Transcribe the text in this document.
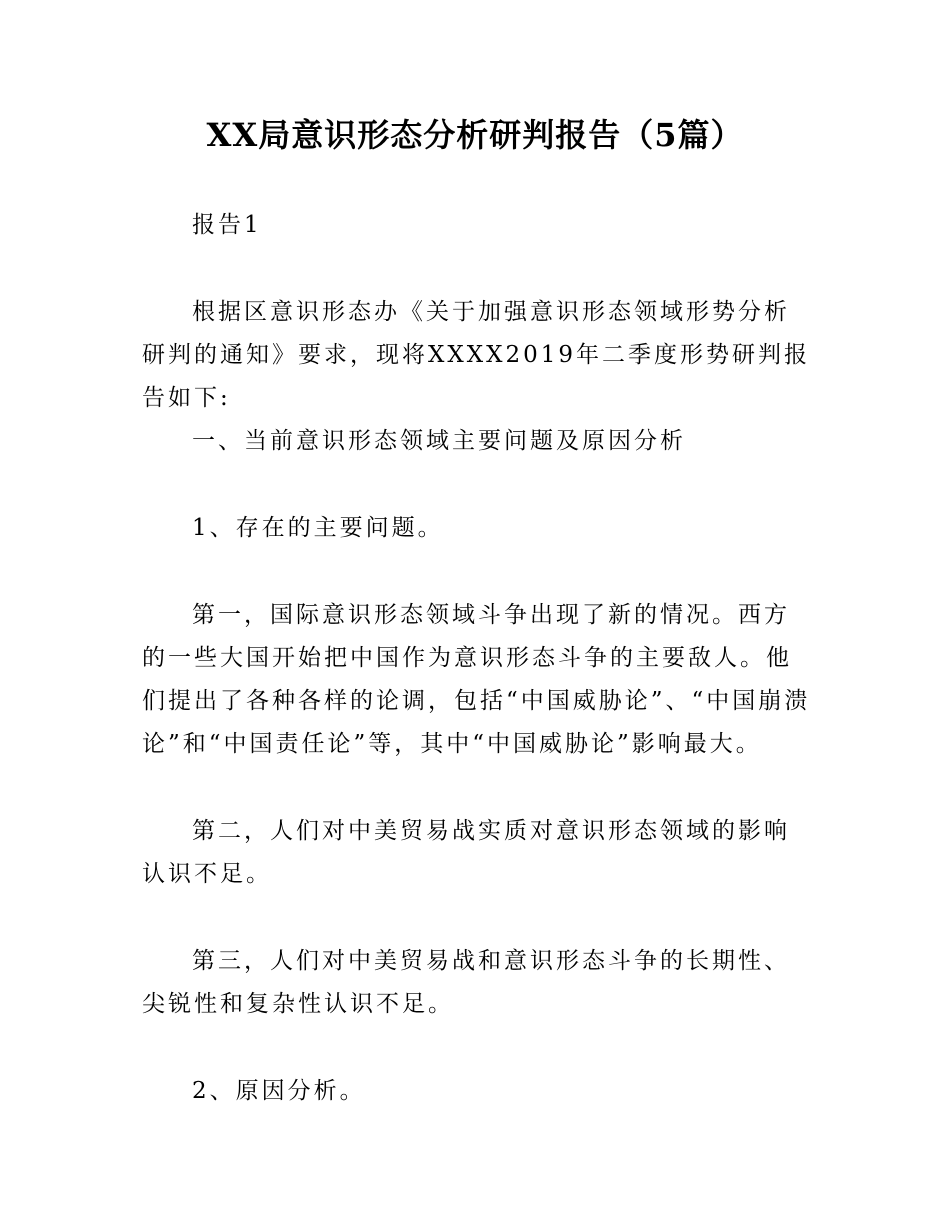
XX局意识形态分析研判报告（5篇）

报告1

根据区意识形态办《关于加强意识形态领域形势分析研判的通知》要求，现将XXXX2019年二季度形势研判报告如下:

一、当前意识形态领域主要问题及原因分析

1、存在的主要问题。

第一，国际意识形态领域斗争出现了新的情况。西方的一些大国开始把中国作为意识形态斗争的主要敌人。他们提出了各种各样的论调，包括“中国威胁论”、“中国崩溃论”和“中国责任论”等，其中“中国威胁论”影响最大。

第二，人们对中美贸易战实质对意识形态领域的影响认识不足。

第三，人们对中美贸易战和意识形态斗争的长期性、尖锐性和复杂性认识不足。

2、原因分析。
